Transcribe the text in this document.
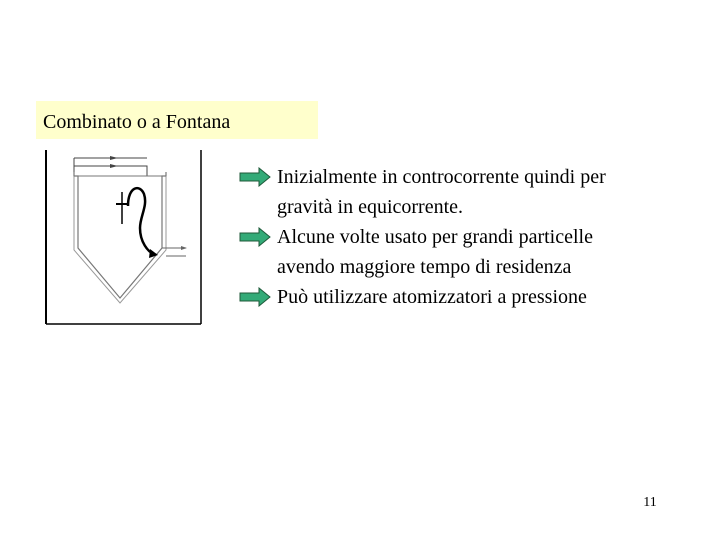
Combinato o a Fontana
Inizialmente in controcorrente quindi per
gravità in equicorrente.
Alcune volte usato per grandi particelle
avendo maggiore tempo di residenza
Può utilizzare atomizzatori a pressione
11
